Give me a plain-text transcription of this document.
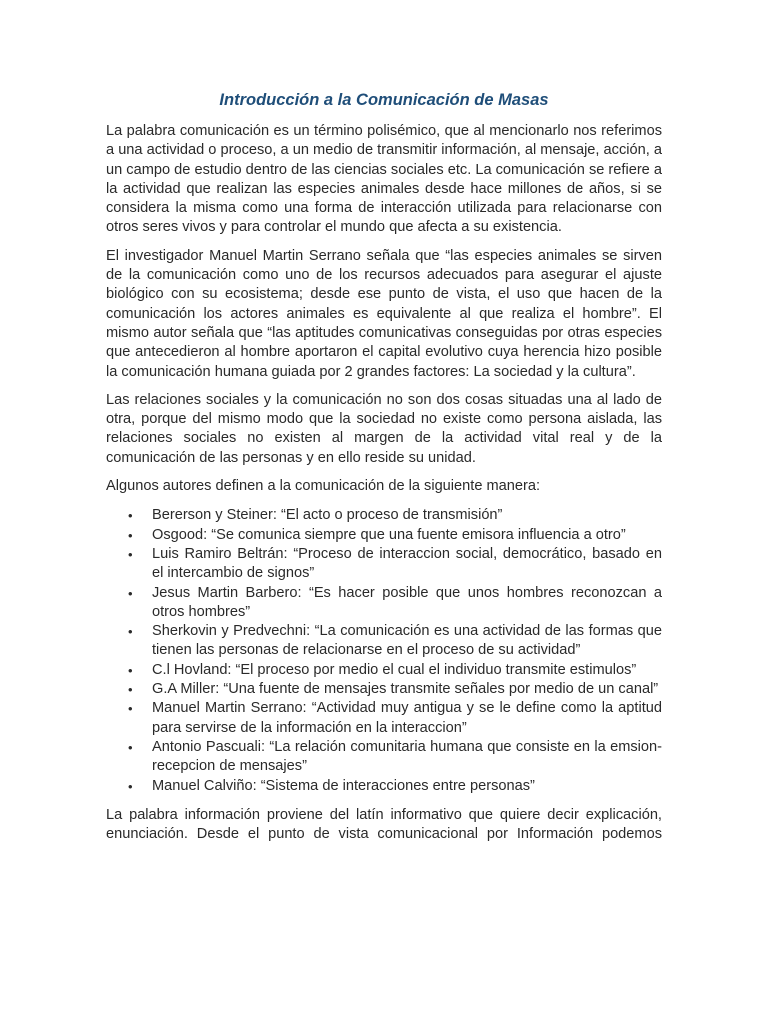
Introducción a la Comunicación de Masas

La palabra comunicación es un término polisémico, que al mencionarlo nos referimos a una actividad o proceso, a un medio de transmitir información, al mensaje, acción, a un campo de estudio dentro de las ciencias sociales etc. La comunicación se refiere a la actividad que realizan las especies animales desde hace millones de años, si se considera la misma como una forma de interacción utilizada para relacionarse con otros seres vivos y para controlar el mundo que afecta a su existencia.

El investigador Manuel Martin Serrano señala que “las especies animales se sirven de la comunicación como uno de los recursos adecuados para asegurar el ajuste biológico con su ecosistema; desde ese punto de vista, el uso que hacen de la comunicación los actores animales es equivalente al que realiza el hombre”. El mismo autor señala que “las aptitudes comunicativas conseguidas por otras especies que antecedieron al hombre aportaron el capital evolutivo cuya herencia hizo posible la comunicación humana guiada por 2 grandes factores: La sociedad y la cultura”.

Las relaciones sociales y la comunicación no son dos cosas situadas una al lado de otra, porque del mismo modo que la sociedad no existe como persona aislada, las relaciones sociales no existen al margen de la actividad vital real y de la comunicación de las personas y en ello reside su unidad.

Algunos autores definen a la comunicación de la siguiente manera:

• Bererson y Steiner: “El acto o proceso de transmisión”
• Osgood: “Se comunica siempre que una fuente emisora influencia a otro”
• Luis Ramiro Beltrán: “Proceso de interaccion social, democrático, basado en el intercambio de signos”
• Jesus Martin Barbero: “Es hacer posible que unos hombres reconozcan a otros hombres”
• Sherkovin y Predvechni: “La comunicación es una actividad de las formas que tienen las personas de relacionarse en el proceso de su actividad”
• C.l Hovland: “El proceso por medio el cual el individuo transmite estimulos”
• G.A Miller: “Una fuente de mensajes transmite señales por medio de un canal”
• Manuel Martin Serrano: “Actividad muy antigua y se le define como la aptitud para servirse de la información en la interaccion”
• Antonio Pascuali: “La relación comunitaria humana que consiste en la emsion-recepcion de mensajes”
• Manuel Calviño: “Sistema de interacciones entre personas”

La palabra información proviene del latín informativo que quiere decir explicación, enunciación. Desde el punto de vista comunicacional por Información podemos
